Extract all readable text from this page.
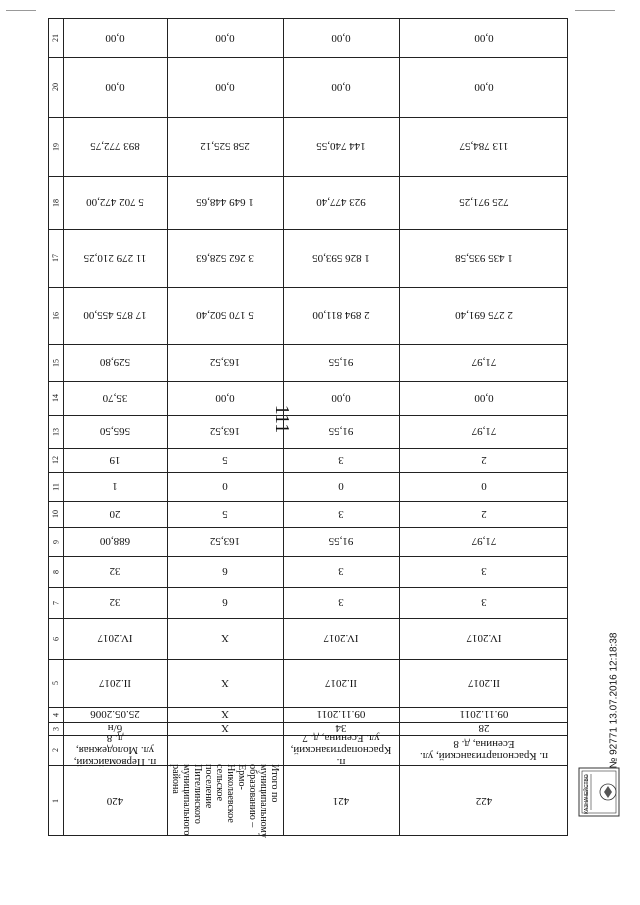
111
21
20
19
18
17
16
15
14
13
12
11
10
9
8
7
6
5
4
3
2
1
0,00
0,00
893 772,75
5 702 472,00
11 279 210,25
17 875 455,00
529,80
35,70
565,50
19
1
20
688,00
32
32
IV.2017
II.2017
25.05.2006
б/н
п. Первомайский, ул. Молодежная, д. 8
420
0,00
0,00
258 525,12
1 649 448,65
3 262 528,63
5 170 502,40
163,52
0,00
163,52
5
0
5
163,52
6
6
X
X
X
X
Итого по муниципальному образованию – Ермо-Николаевское сельское поселение Пителинского муниципального района
0,00
0,00
144 740,55
923 477,40
1 826 593,05
2 894 811,00
91,55
0,00
91,55
3
0
3
91,55
3
3
IV.2017
II.2017
09.11.2011
34
п. Краснопартизанский, ул. Есенина, д. 7
421
0,00
0,00
113 784,57
725 971,25
1 435 935,58
2 275 691,40
71,97
0,00
71,97
2
0
2
71,97
3
3
IV.2017
II.2017
09.11.2011
28
п. Краснопартизанский, ул. Есенина, д. 8
422	КАЗНАЧЕЙСТВО
№ 92771 13.07.2016 12:18:38
